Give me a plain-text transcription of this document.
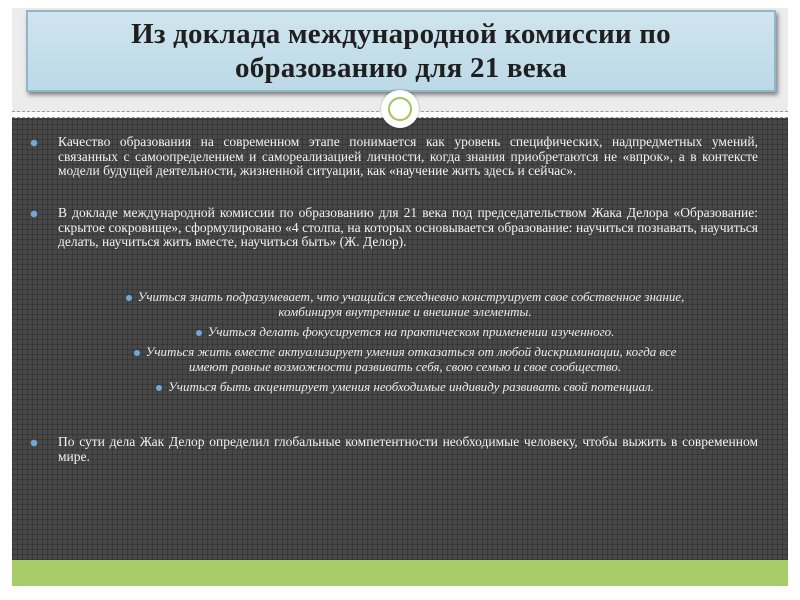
Из доклада международной комиссии по
образованию для 21 века

Качество образования на современном этапе понимается как уровень специфических, надпредметных умений, связанных с самоопределением и самореализацией личности, когда знания приобретаются не «впрок», а в контексте модели будущей деятельности, жизненной ситуации, как «научение жить здесь и сейчас».

В докладе международной комиссии по образованию для 21 века под председательством Жака Делора «Образование: скрытое сокровище», сформулировано «4 столпа, на которых основывается образование: научиться познавать, научиться делать, научиться жить вместе, научиться быть» (Ж. Делор).

Учиться знать подразумевает, что учащийся ежедневно конструирует свое собственное знание,
комбинируя внутренние и внешние элементы.

Учиться делать фокусируется на практическом применении изученного.

Учиться жить вместе актуализирует умения отказаться от любой дискриминации, когда все
имеют равные возможности развивать себя, свою семью и свое сообщество.

Учиться быть акцентирует умения необходимые индивиду развивать свой потенциал.

По сути дела Жак Делор определил глобальные компетентности необходимые человеку, чтобы выжить в современном мире.
